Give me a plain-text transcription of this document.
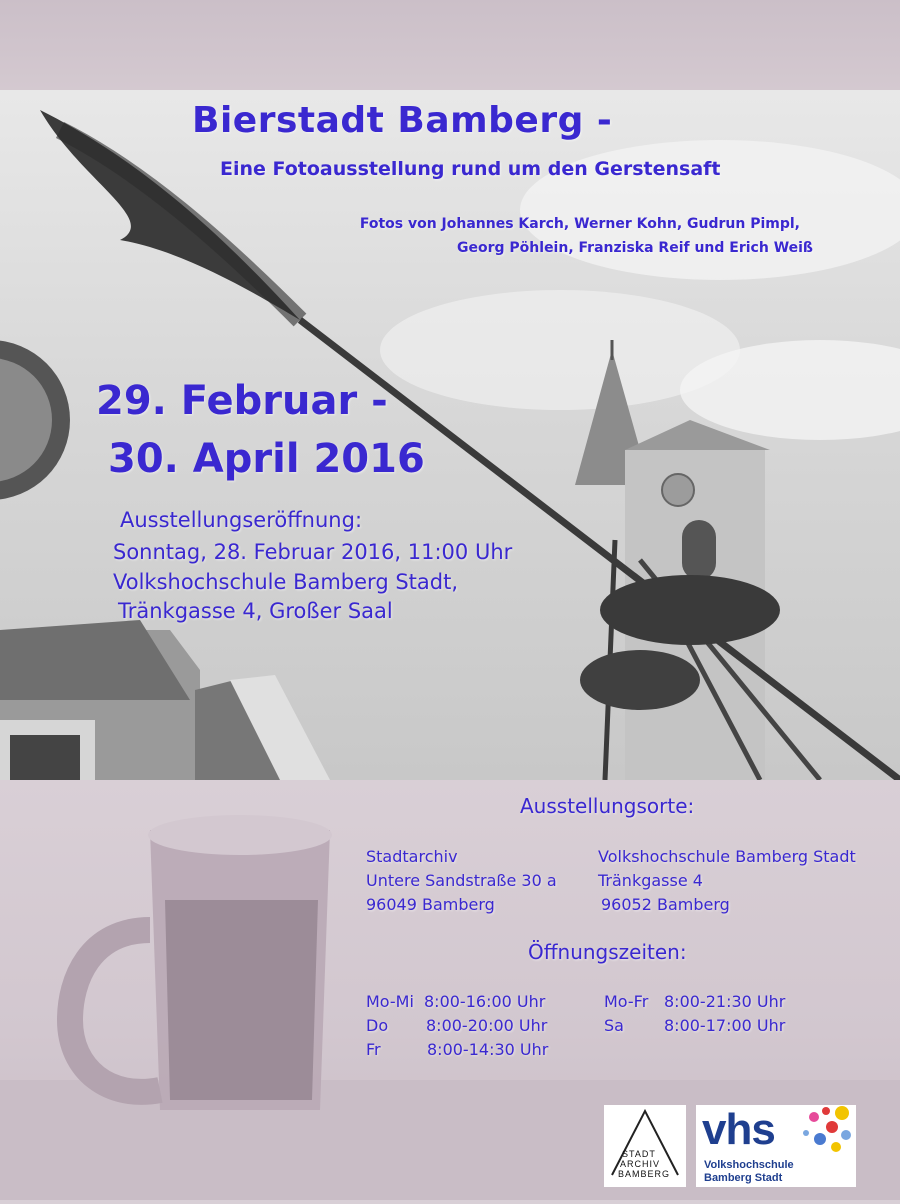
Bierstadt Bamberg -
Eine Fotoausstellung rund um den Gerstensaft
Fotos von Johannes Karch, Werner Kohn, Gudrun Pimpl,
Georg Pöhlein, Franziska Reif und Erich Weiß
29. Februar -
30. April 2016
Ausstellungseröffnung:
Sonntag, 28. Februar 2016, 11:00 Uhr
Volkshochschule Bamberg Stadt,
Tränkgasse 4, Großer Saal
Ausstellungsorte:
Stadtarchiv
Untere Sandstraße 30 a
96049 Bamberg
Volkshochschule Bamberg Stadt
Tränkgasse 4
96052 Bamberg
Öffnungszeiten:
Mo-Mi 8:00-16:00 Uhr
Do 8:00-20:00 Uhr
Fr	8:00-14:30 Uhr
Mo-Fr 8:00-21:30 Uhr
Sa	8:00-17:00 Uhr
STADT
ARCHIV
BAMBERG
vhs
Volkshochschule
Bamberg Stadt
